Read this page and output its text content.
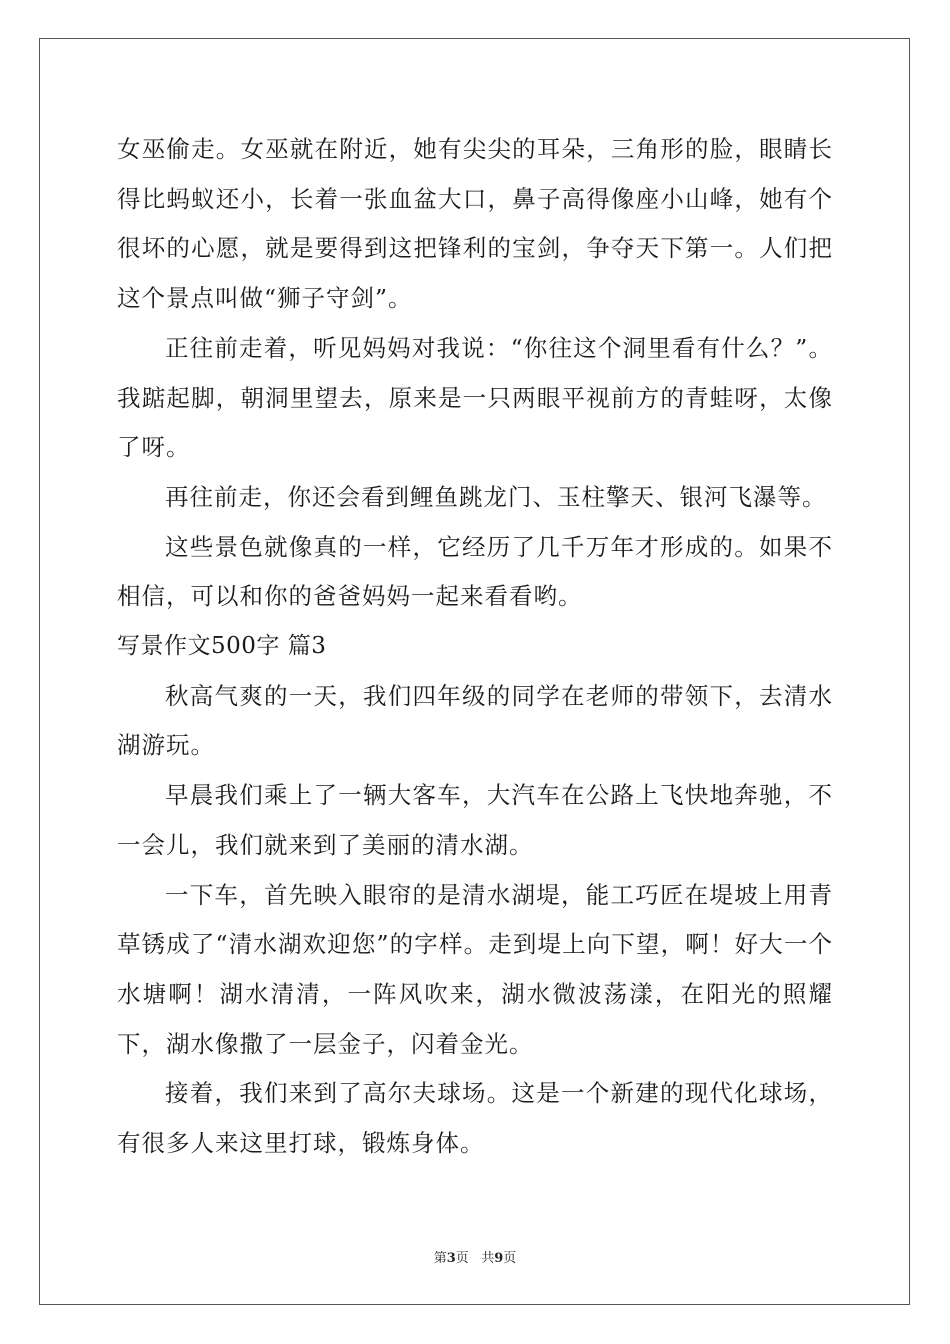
女巫偷走。女巫就在附近，她有尖尖的耳朵，三角形的脸，眼睛长得比蚂蚁还小，长着一张血盆大口，鼻子高得像座小山峰，她有个很坏的心愿，就是要得到这把锋利的宝剑，争夺天下第一。人们把这个景点叫做“狮子守剑”。

正往前走着，听见妈妈对我说：“你往这个洞里看有什么？”。我踮起脚，朝洞里望去，原来是一只两眼平视前方的青蛙呀，太像了呀。

再往前走，你还会看到鲤鱼跳龙门、玉柱擎天、银河飞瀑等。

这些景色就像真的一样，它经历了几千万年才形成的。如果不相信，可以和你的爸爸妈妈一起来看看哟。

写景作文500字 篇3

秋高气爽的一天，我们四年级的同学在老师的带领下，去清水湖游玩。

早晨我们乘上了一辆大客车，大汽车在公路上飞快地奔驰，不一会儿，我们就来到了美丽的清水湖。

一下车，首先映入眼帘的是清水湖堤，能工巧匠在堤坡上用青草锈成了“清水湖欢迎您”的字样。走到堤上向下望，啊！好大一个水塘啊！湖水清清，一阵风吹来，湖水微波荡漾，在阳光的照耀下，湖水像撒了一层金子，闪着金光。

接着，我们来到了高尔夫球场。这是一个新建的现代化球场，有很多人来这里打球，锻炼身体。

第3页 共9页
